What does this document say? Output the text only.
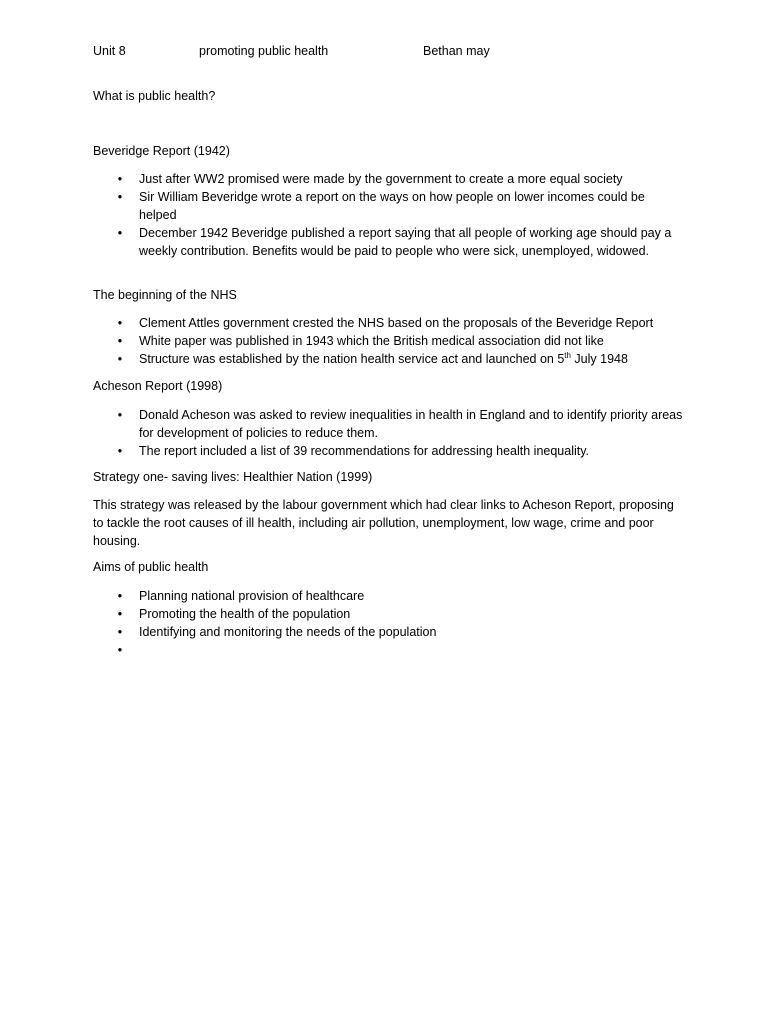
Unit 8	promoting public health	Bethan may

What is public health?

Beveridge Report (1942)

• Just after WW2 promised were made by the government to create a more equal society
• Sir William Beveridge wrote a report on the ways on how people on lower incomes could be helped
• December 1942 Beveridge published a report saying that all people of working age should pay a weekly contribution. Benefits would be paid to people who were sick, unemployed, widowed.

The beginning of the NHS

• Clement Attles government crested the NHS based on the proposals of the Beveridge Report
• White paper was published in 1943 which the British medical association did not like
• Structure was established by the nation health service act and launched on 5th July 1948

Acheson Report (1998)

• Donald Acheson was asked to review inequalities in health in England and to identify priority areas for development of policies to reduce them.
• The report included a list of 39 recommendations for addressing health inequality.

Strategy one- saving lives: Healthier Nation (1999)

This strategy was released by the labour government which had clear links to Acheson Report, proposing to tackle the root causes of ill health, including air pollution, unemployment, low wage, crime and poor housing.

Aims of public health

• Planning national provision of healthcare
• Promoting the health of the population
• Identifying and monitoring the needs of the population
•
